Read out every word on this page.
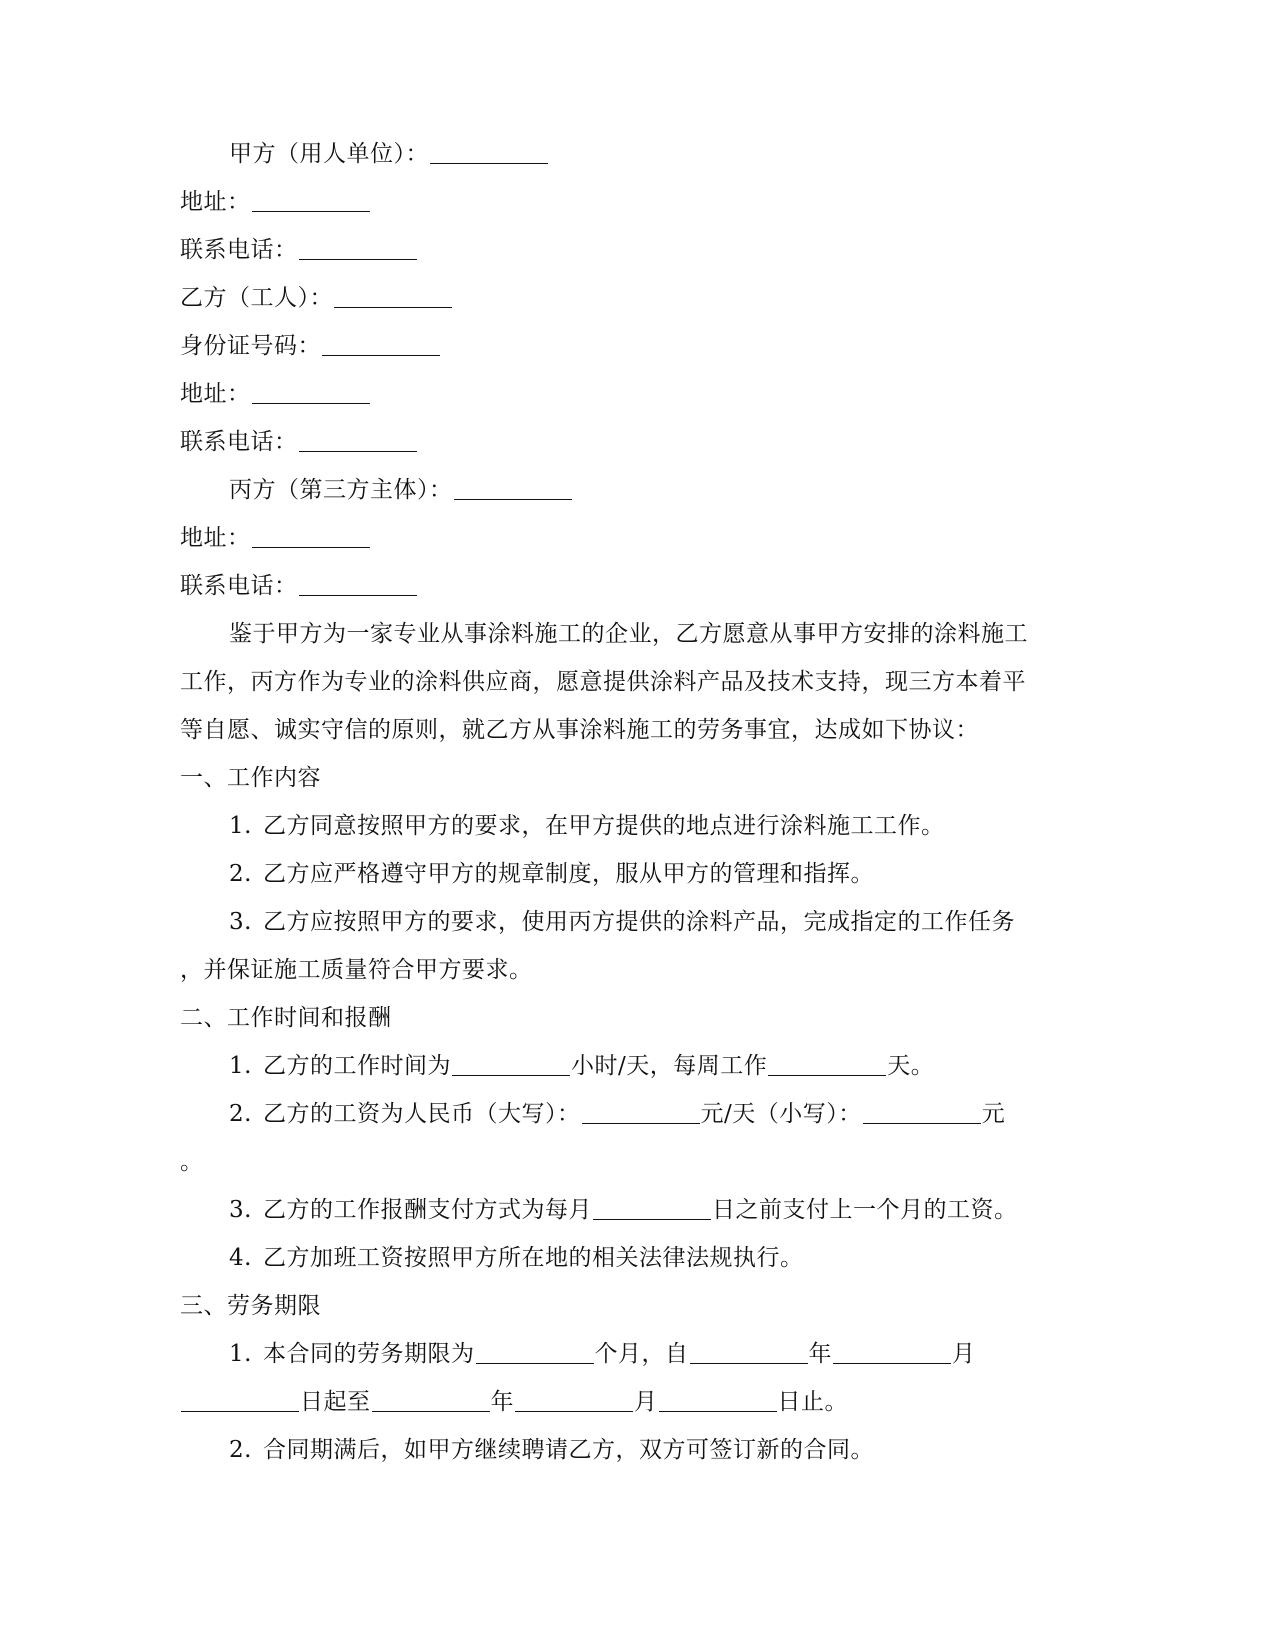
甲方（用人单位）：
地址：
联系电话：
乙方（工人）：
身份证号码：
地址：
联系电话：
丙方（第三方主体）：
地址：
联系电话：
鉴于甲方为一家专业从事涂料施工的企业，乙方愿意从事甲方安排的涂料施工
工作，丙方作为专业的涂料供应商，愿意提供涂料产品及技术支持，现三方本着平
等自愿、诚实守信的原则，就乙方从事涂料施工的劳务事宜，达成如下协议：
一、工作内容
1. 乙方同意按照甲方的要求，在甲方提供的地点进行涂料施工工作。
2. 乙方应严格遵守甲方的规章制度，服从甲方的管理和指挥。
3. 乙方应按照甲方的要求，使用丙方提供的涂料产品，完成指定的工作任务
，并保证施工质量符合甲方要求。
二、工作时间和报酬
1. 乙方的工作时间为	小时/天，每周工作	天。
2. 乙方的工资为人民币（大写）：	元/天（小写）：	元
。
3. 乙方的工作报酬支付方式为每月	日之前支付上一个月的工资。
4. 乙方加班工资按照甲方所在地的相关法律法规执行。
三、劳务期限
1. 本合同的劳务期限为	个月，自	年	月
日起至	年	月	日止。
2. 合同期满后，如甲方继续聘请乙方，双方可签订新的合同。
